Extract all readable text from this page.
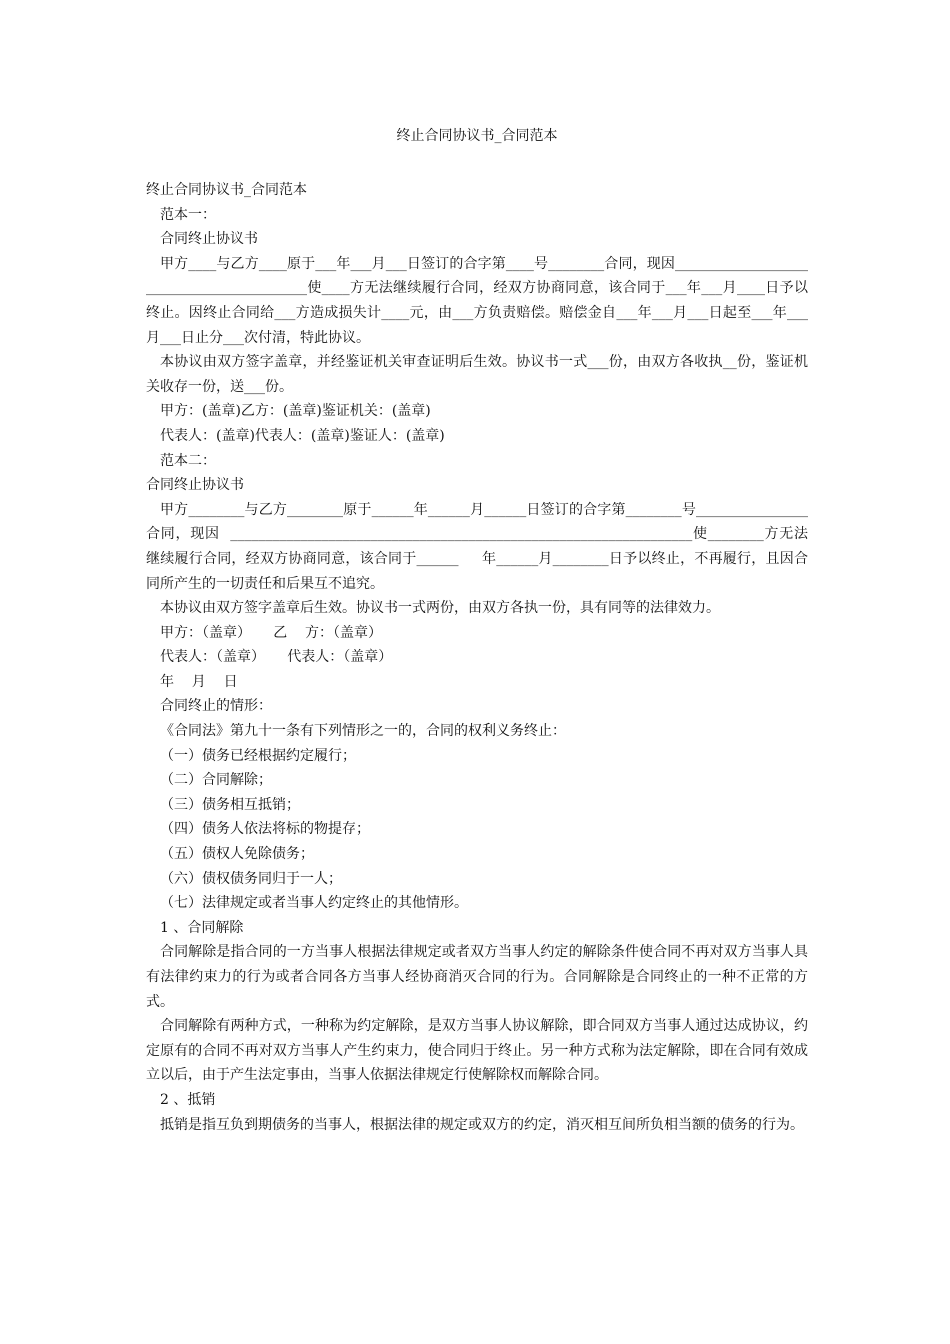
终止合同协议书_合同范本

终止合同协议书_合同范本

范本一：

合同终止协议书

甲方____与乙方____原于___年___月___日签订的合字第____号________合同，现因__________________________________________使____方无法继续履行合同，经双方协商同意，该合同于___年___月____日予以终止。因终止合同给___方造成损失计____元，由___方负责赔偿。赔偿金自___年___月___日起至___年___月___日止分___次付清，特此协议。

本协议由双方签字盖章，并经鉴证机关审查证明后生效。协议书一式___份，由双方各收执__份，鉴证机关收存一份，送___份。

甲方：(盖章)乙方：(盖章)鉴证机关：(盖章)

代表人：(盖章)代表人：(盖章)鉴证人：(盖章)

范本二：

合同终止协议书

甲方________与乙方________原于______年______月______日签订的合字第________号________________合同，现因  __________________________________________________________________使________方无法继续履行合同，经双方协商同意，该合同于______     年______月________日予以终止，不再履行，且因合同所产生的一切责任和后果互不追究。

本协议由双方签字盖章后生效。协议书一式两份，由双方各执一份，具有同等的法律效力。

甲方：（盖章）     乙    方：（盖章）

代表人：（盖章）     代表人：（盖章）

年    月    日

合同终止的情形：

《合同法》第九十一条有下列情形之一的，合同的权利义务终止：

（一）债务已经根据约定履行；

（二）合同解除；

（三）债务相互抵销；

（四）债务人依法将标的物提存；

（五）债权人免除债务；

（六）债权债务同归于一人；

（七）法律规定或者当事人约定终止的其他情形。

1 、合同解除

合同解除是指合同的一方当事人根据法律规定或者双方当事人约定的解除条件使合同不再对双方当事人具有法律约束力的行为或者合同各方当事人经协商消灭合同的行为。合同解除是合同终止的一种不正常的方式。

合同解除有两种方式，一种称为约定解除，是双方当事人协议解除，即合同双方当事人通过达成协议，约定原有的合同不再对双方当事人产生约束力，使合同归于终止。另一种方式称为法定解除，即在合同有效成立以后，由于产生法定事由，当事人依据法律规定行使解除权而解除合同。

2 、抵销

抵销是指互负到期债务的当事人，根据法律的规定或双方的约定，消灭相互间所负相当额的债务的行为。
